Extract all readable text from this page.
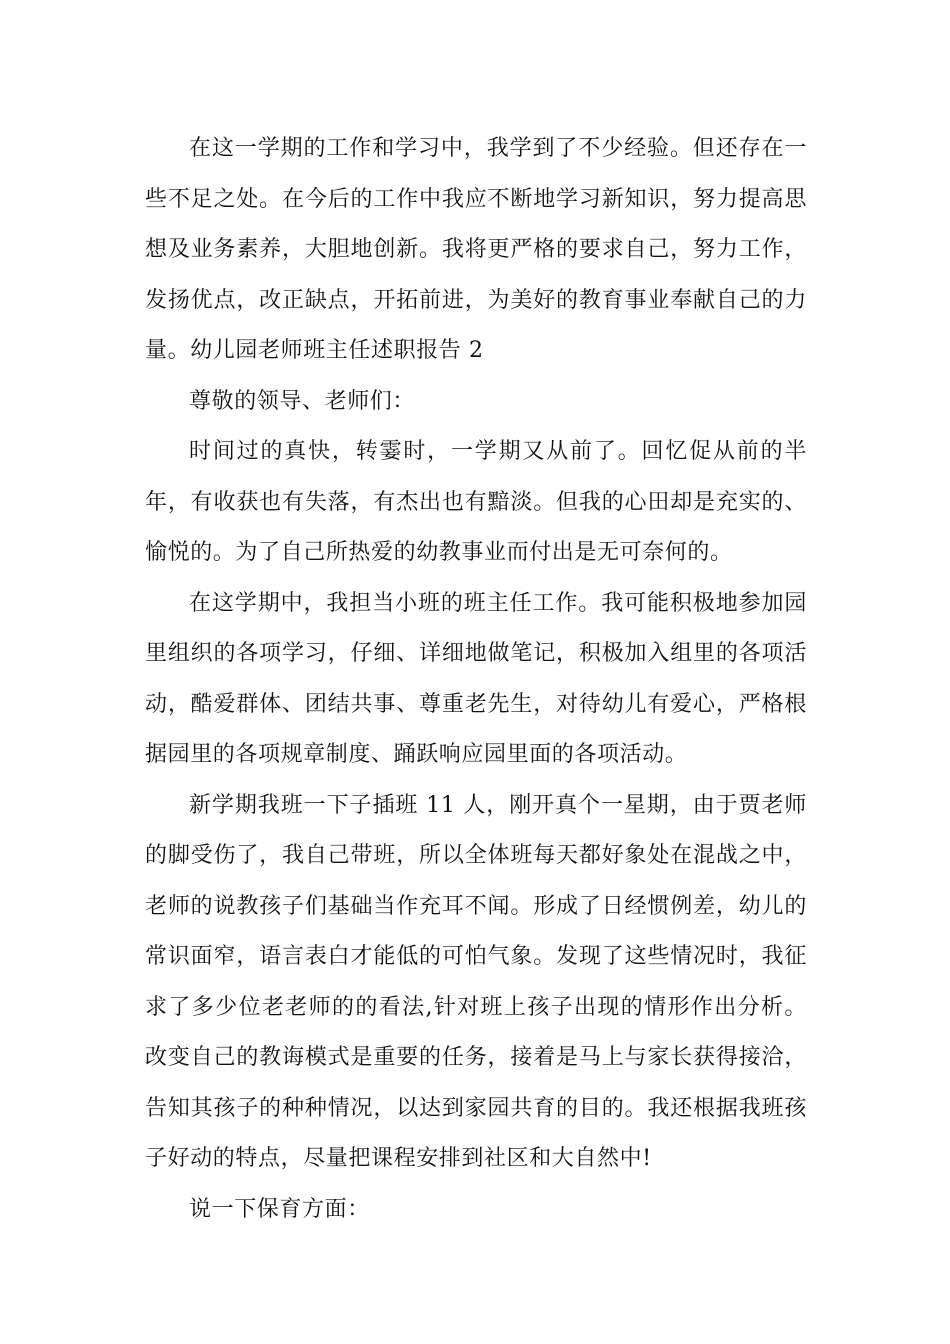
在这一学期的工作和学习中，我学到了不少经验。但还存在一些不足之处。在今后的工作中我应不断地学习新知识，努力提高思想及业务素养，大胆地创新。我将更严格的要求自己，努力工作，发扬优点，改正缺点，开拓前进，为美好的教育事业奉献自己的力量。幼儿园老师班主任述职报告 2

尊敬的领导、老师们：

时间过的真快，转霎时，一学期又从前了。回忆促从前的半年，有收获也有失落，有杰出也有黯淡。但我的心田却是充实的、愉悦的。为了自己所热爱的幼教事业而付出是无可奈何的。

在这学期中，我担当小班的班主任工作。我可能积极地参加园里组织的各项学习，仔细、详细地做笔记，积极加入组里的各项活动，酷爱群体、团结共事、尊重老先生，对待幼儿有爱心，严格根据园里的各项规章制度、踊跃响应园里面的各项活动。

新学期我班一下子插班 11 人，刚开真个一星期，由于贾老师的脚受伤了，我自己带班，所以全体班每天都好象处在混战之中，老师的说教孩子们基础当作充耳不闻。形成了日经惯例差，幼儿的常识面窄，语言表白才能低的可怕气象。发现了这些情况时，我征求了多少位老老师的的看法,针对班上孩子出现的情形作出分析。改变自己的教诲模式是重要的任务，接着是马上与家长获得接洽，告知其孩子的种种情况，以达到家园共育的目的。我还根据我班孩子好动的特点，尽量把课程安排到社区和大自然中!

说一下保育方面：
